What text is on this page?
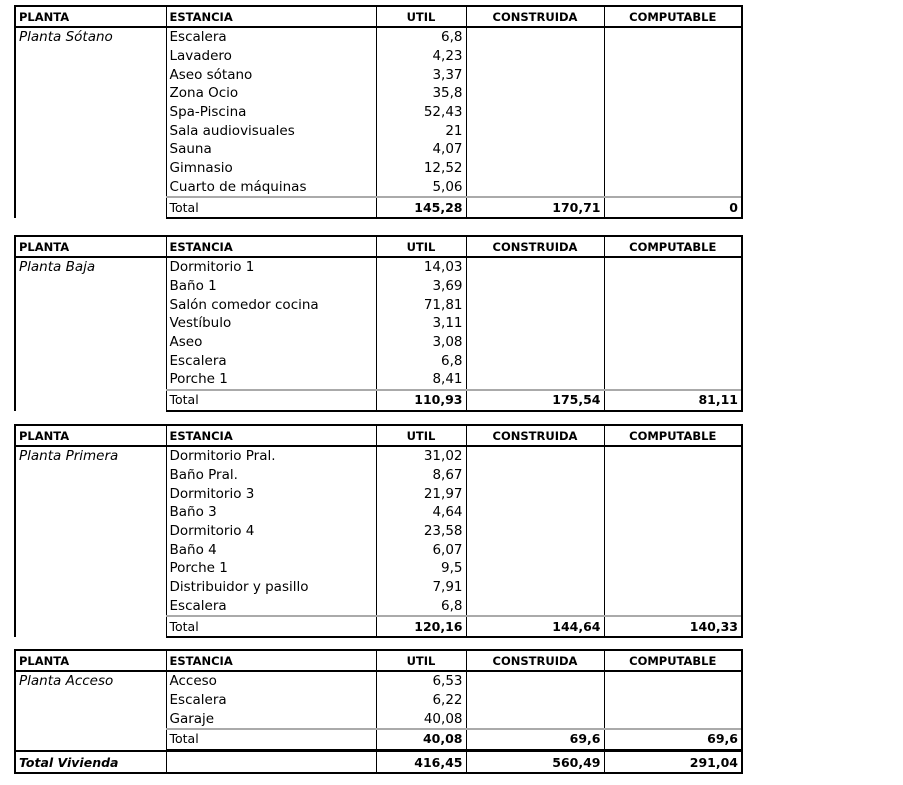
PLANTA	ESTANCIA	UTIL	CONSTRUIDA	COMPUTABLE
Planta Sótano	Escalera	6,8		
	Lavadero	4,23		
	Aseo sótano	3,37		
	Zona Ocio	35,8		
	Spa-Piscina	52,43		
	Sala audiovisuales	21		
	Sauna	4,07		
	Gimnasio	12,52		
	Cuarto de máquinas	5,06		
	Total	145,28	170,71	0
PLANTA	ESTANCIA	UTIL	CONSTRUIDA	COMPUTABLE
Planta Baja	Dormitorio 1	14,03		
	Baño 1	3,69		
	Salón comedor cocina	71,81		
	Vestíbulo	3,11		
	Aseo	3,08		
	Escalera	6,8		
	Porche 1	8,41		
	Total	110,93	175,54	81,11
PLANTA	ESTANCIA	UTIL	CONSTRUIDA	COMPUTABLE
Planta Primera	Dormitorio Pral.	31,02		
	Baño Pral.	8,67		
	Dormitorio 3	21,97		
	Baño 3	4,64		
	Dormitorio 4	23,58		
	Baño 4	6,07		
	Porche 1	9,5		
	Distribuidor y pasillo	7,91		
	Escalera	6,8		
	Total	120,16	144,64	140,33
PLANTA	ESTANCIA	UTIL	CONSTRUIDA	COMPUTABLE
Planta Acceso	Acceso	6,53		
	Escalera	6,22		
	Garaje	40,08		
	Total	40,08	69,6	69,6
Total Vivienda		416,45	560,49	291,04
